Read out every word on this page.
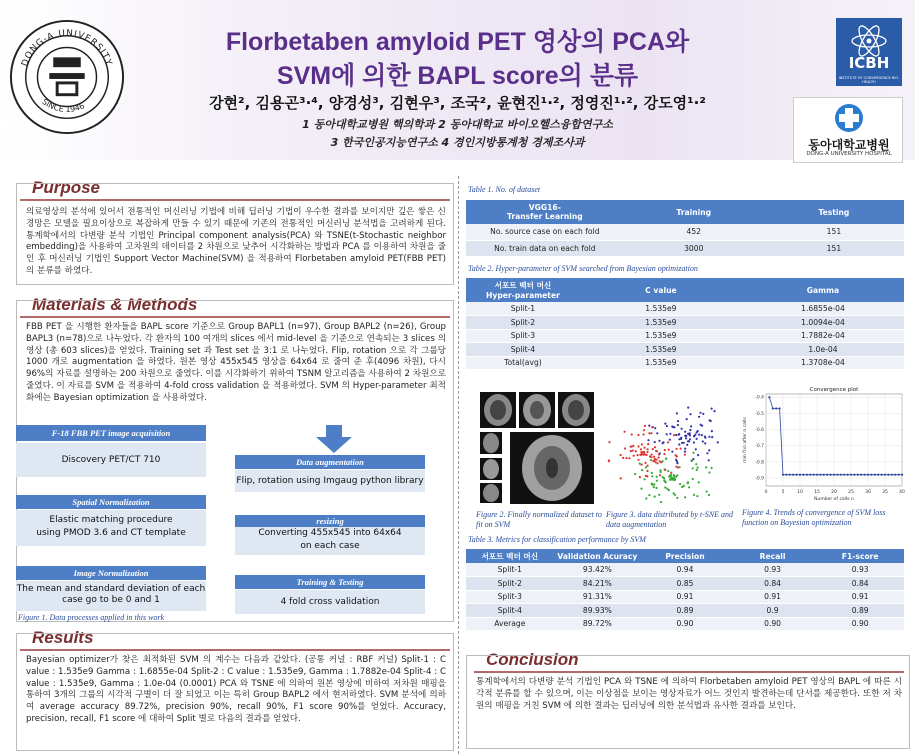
DONG-A UNIVERSITY
SINCE 1946
Florbetaben amyloid PET 영상의 PCA와
SVM에 의한 BAPL score의 분류
강현², 김용곤³·⁴, 양경성³, 김현우³, 조국², 윤현진¹·², 정영진¹·², 강도영¹·²
1 동아대학교병원 핵의학과 2 동아대학교 바이오헬스융합연구소
3 한국인공지능연구소 4 경인지방통계청 경제조사과
ICBH
INSTITUTE OF CONVERGENCE BIO-HEALTH
동아대학교병원
DONG-A UNIVERSITY HOSPITAL
Purpose
의료영상의 분석에 있어서 전통적인 머신러닝 기법에 비해 딥러닝 기법이 우수한 결과를 보이지만 깊은 쌓은 신경망은 모델을 필요이상으로 복잡하게 만들 수 있기 때문에 기존의 전통적인 머신러닝 분석법을 고려하게 된다. 통계학에서의 다변량 분석 기법인 Principal component analysis(PCA) 와 TSNE(t-Stochastic neighbor embedding)을 사용하여 고차원의 데이터를 2 차원으로 낮추어 시각화하는 방법과 PCA 를 이용하여 차원을 줄인 후 머신러닝 기법인 Support Vector Machine(SVM) 을 적용하여 Florbetaben amyloid PET(FBB PET)의 분류를 하였다.
Materials & Methods
FBB PET 을 시행한 환자들을 BAPL score 기준으로 Group BAPL1 (n=97), Group BAPL2 (n=26), Group BAPL3 (n=78)으로 나누었다. 각 환자의 100 여개의 slices 에서 mid-level 을 기준으로 연속되는 3 slices 의 영상 (총 603 slices)을 얻었다. Training set 과 Test set 을 3:1 로 나누었다. Flip, rotation 으로 각 그룹당 1000 개로 augmentation 을 하였다. 원본 영상 455x545 영상을 64x64 로 줄여 준 후(4096 차원), 다시 96%의 자료를 설명하는 200 차원으로 줄였다. 이를 시각화하기 위하여 TSNM 알고리즘을 사용하여 2 차원으로 줄였다. 이 자료를 SVM 을 적용하여 4-fold cross validation 을 적용하였다. SVM 의 Hyper-parameter 최적화에는 Bayesian optimization 을 사용하였다.
F-18 FBB PET image acquisition
Discovery PET/CT 710
Spatial Normalization
Elastic matching procedure
using PMOD 3.6 and CT template
Image Normalization
The mean and standard deviation of each
case go to be 0 and 1
Data augmentation
Flip, rotation using Imgaug python library
resizing
Converting 455x545 into 64x64
on each case
Training & Testing
4 fold cross validation
Figure 1. Data processes applied in this work
Results
Bayesian optimizer가 찾은 최적화된 SVM 의 계수는 다음과 같았다. (공통 커널 : RBF 커널) Split-1 : C value : 1.535e9 Gamma : 1.6855e-04 Split-2 : C value : 1.535e9, Gamma : 1.7882e-04 Split-4 : C value : 1.535e9, Gamma : 1.0e-04 (0.0001) PCA 와 TSNE 에 의하여 원본 영상에 비하여 저차원 매핑을 통하여 3개의 그룹의 시각적 구별이 더 잘 되었고 이는 특히 Group BAPL2 에서 현저하였다. SVM 분석에 의하여 average accuracy 89.72%, precision 90%, recall 90%, F1 score 90%를 얻었다. Accuracy, precision, recall, F1 score 에 대하여 Split 별로 다음의 결과를 얻었다.
Table 1. No. of dataset
VGG16-
Transfer Learning	Training	Testing
No. source case on each fold	452	151
No. train data on each fold	3000	151
Table 2. Hyper-parameter of SVM searched from Bayesian optimization
서포트 벡터 머신
Hyper-parameter	C value	Gamma
Split-1	1.535e9	1.6855e-04
Split-2	1.535e9	1.0094e-04
Split-3	1.535e9	1.7882e-04
Split-4	1.535e9	1.0e-04
Total(avg)	1.535e9	1.3708e-04
Figure 2. Finally normalized dataset to fit on SVM
Figure 3. data distributed by t-SNE and data augmentation
0	5	10	15	20	25	30	35	40
-0.4
-0.5
-0.6
-0.7
-0.8
-0.9
Convergence plot
Number of calls n
min f(x) after n calls
Figure 4. Trends of convergence of SVM loss function on Bayesian optimization
Table 3. Metrics for classification performance by SVM
서포트 벡터 머신	Validation Acuracy	Precision	Recall	F1-score
Split-1	93.42%	0.94	0.93	0.93
Split-2	84.21%	0.85	0.84	0.84
Split-3	91.31%	0.91	0.91	0.91
Split-4	89.93%	0.89	0.9	0.89
Average	89.72%	0.90	0.90	0.90
Conclusion
통계학에서의 다변량 분석 기법인 PCA 와 TSNE 에 의하여 Florbetaben amyloid PET 영상의 BAPL 에 따른 시각적 분류를 할 수 있으며, 이는 이상점을 보이는 영상자료가 어느 것인지 발견하는데 단서를 제공한다. 또한 저 차원의 매핑을 거친 SVM 에 의한 결과는 딥러닝에 의한 분석법과 유사한 결과를 보인다.
